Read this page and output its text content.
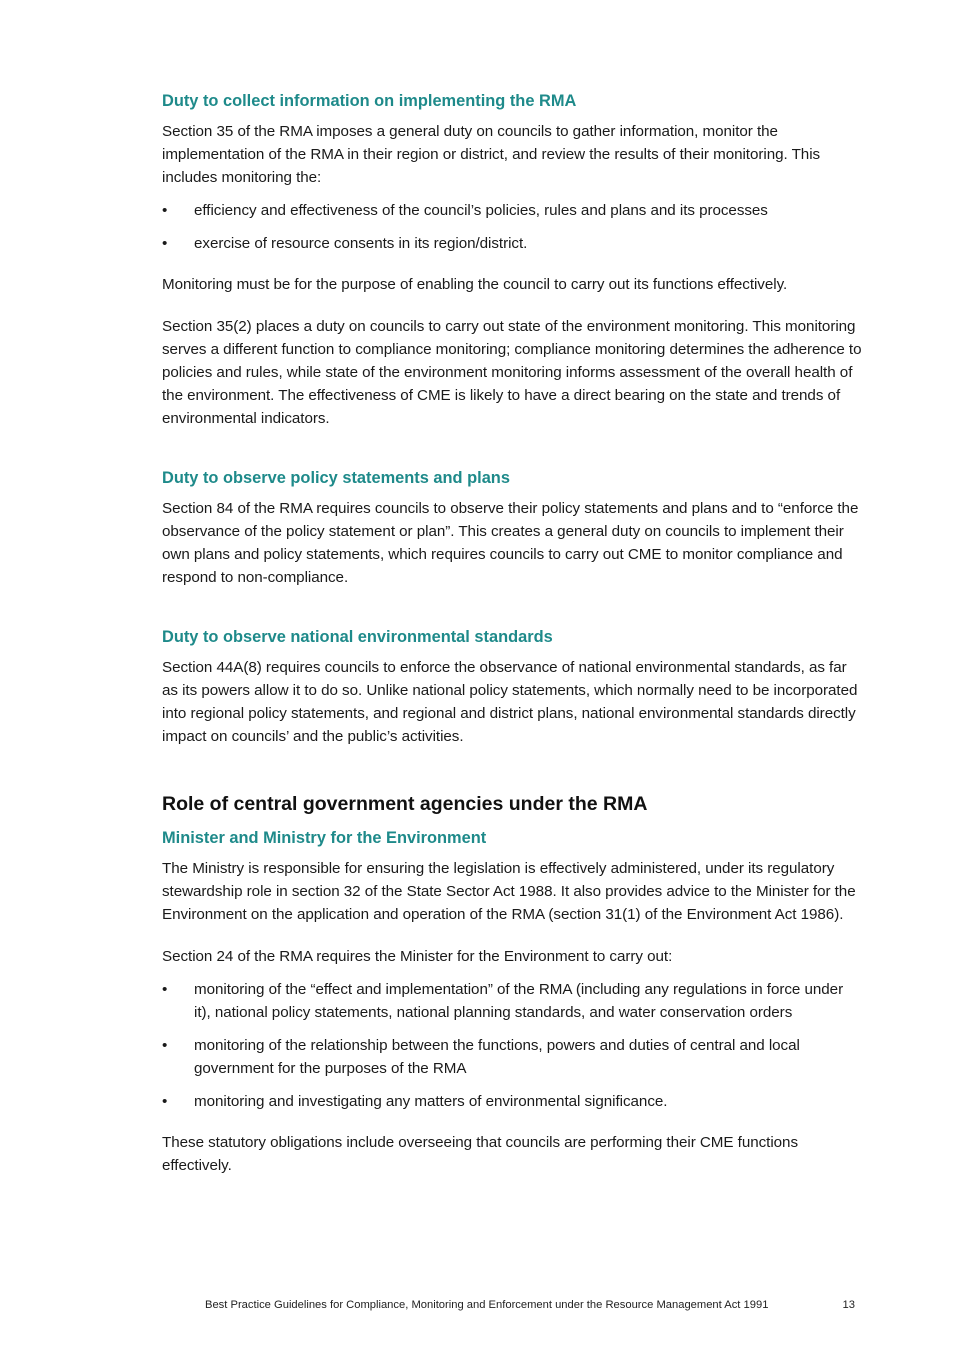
Duty to collect information on implementing the RMA

Section 35 of the RMA imposes a general duty on councils to gather information, monitor the implementation of the RMA in their region or district, and review the results of their monitoring. This includes monitoring the:

•	efficiency and effectiveness of the council’s policies, rules and plans and its processes
•	exercise of resource consents in its region/district.

Monitoring must be for the purpose of enabling the council to carry out its functions effectively.

Section 35(2) places a duty on councils to carry out state of the environment monitoring. This monitoring serves a different function to compliance monitoring; compliance monitoring determines the adherence to policies and rules, while state of the environment monitoring informs assessment of the overall health of the environment. The effectiveness of CME is likely to have a direct bearing on the state and trends of environmental indicators.

Duty to observe policy statements and plans

Section 84 of the RMA requires councils to observe their policy statements and plans and to “enforce the observance of the policy statement or plan”. This creates a general duty on councils to implement their own plans and policy statements, which requires councils to carry out CME to monitor compliance and respond to non-compliance.

Duty to observe national environmental standards

Section 44A(8) requires councils to enforce the observance of national environmental standards, as far as its powers allow it to do so. Unlike national policy statements, which normally need to be incorporated into regional policy statements, and regional and district plans, national environmental standards directly impact on councils’ and the public’s activities.

Role of central government agencies under the RMA
Minister and Ministry for the Environment

The Ministry is responsible for ensuring the legislation is effectively administered, under its regulatory stewardship role in section 32 of the State Sector Act 1988. It also provides advice to the Minister for the Environment on the application and operation of the RMA (section 31(1) of the Environment Act 1986).

Section 24 of the RMA requires the Minister for the Environment to carry out:

•	monitoring of the “effect and implementation” of the RMA (including any regulations in force under it), national policy statements, national planning standards, and water conservation orders
•	monitoring of the relationship between the functions, powers and duties of central and local government for the purposes of the RMA
•	monitoring and investigating any matters of environmental significance.

These statutory obligations include overseeing that councils are performing their CME functions effectively.

Best Practice Guidelines for Compliance, Monitoring and Enforcement under the Resource Management Act 1991	13
